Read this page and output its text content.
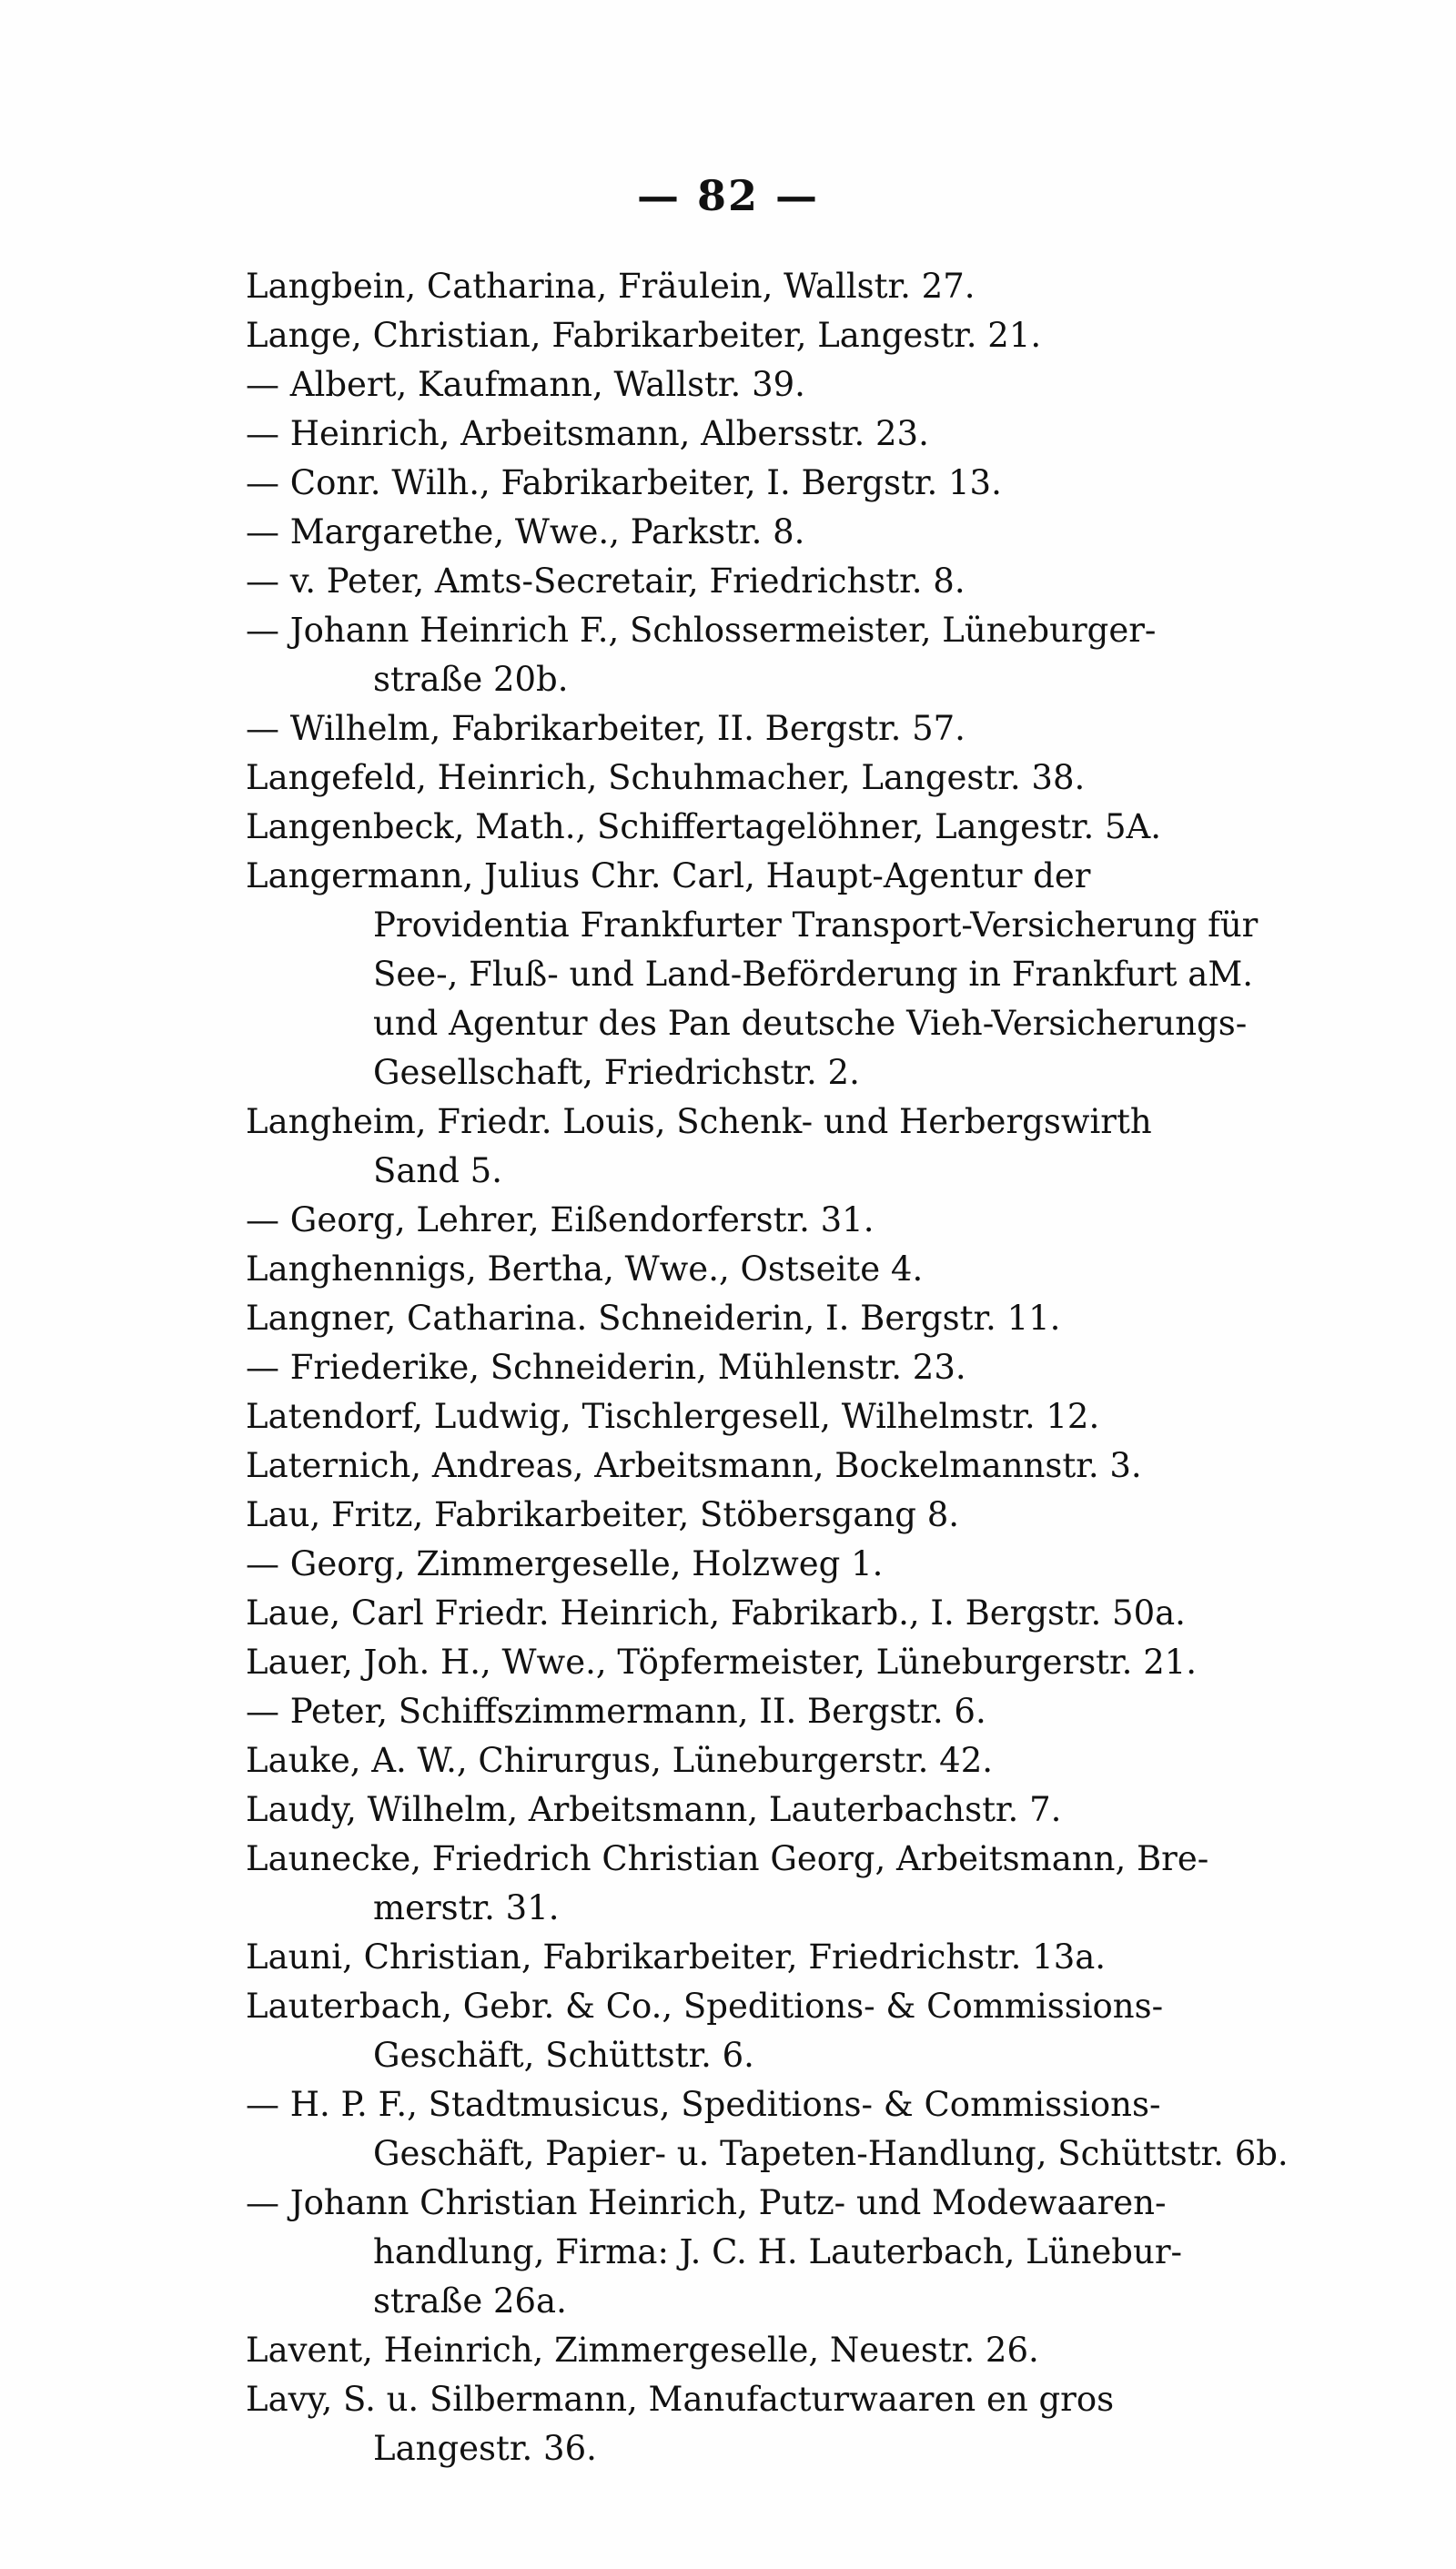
— 82 —
Langbein, Catharina, Fräulein, Wallstr. 27.
Lange, Christian, Fabrikarbeiter, Langestr. 21.
— Albert, Kaufmann, Wallstr. 39.
— Heinrich, Arbeitsmann, Albersstr. 23.
— Conr. Wilh., Fabrikarbeiter, I. Bergstr. 13.
— Margarethe, Wwe., Parkstr. 8.
— v. Peter, Amts-Secretair, Friedrichstr. 8.
— Johann Heinrich F., Schlossermeister, Lüneburger-
straße 20b.
— Wilhelm, Fabrikarbeiter, II. Bergstr. 57.
Langefeld, Heinrich, Schuhmacher, Langestr. 38.
Langenbeck, Math., Schiffertagelöhner, Langestr. 5A.
Langermann, Julius Chr. Carl, Haupt-Agentur der
Providentia Frankfurter Transport-Versicherung für
See-, Fluß- und Land-Beförderung in Frankfurt aM.
und Agentur des Pan deutsche Vieh-Versicherungs-
Gesellschaft, Friedrichstr. 2.
Langheim, Friedr. Louis, Schenk- und Herbergswirth
Sand 5.
— Georg, Lehrer, Eißendorferstr. 31.
Langhennigs, Bertha, Wwe., Ostseite 4.
Langner, Catharina. Schneiderin, I. Bergstr. 11.
— Friederike, Schneiderin, Mühlenstr. 23.
Latendorf, Ludwig, Tischlergesell, Wilhelmstr. 12.
Laternich, Andreas, Arbeitsmann, Bockelmannstr. 3.
Lau, Fritz, Fabrikarbeiter, Stöbersgang 8.
— Georg, Zimmergeselle, Holzweg 1.
Laue, Carl Friedr. Heinrich, Fabrikarb., I. Bergstr. 50a.
Lauer, Joh. H., Wwe., Töpfermeister, Lüneburgerstr. 21.
— Peter, Schiffszimmermann, II. Bergstr. 6.
Lauke, A. W., Chirurgus, Lüneburgerstr. 42.
Laudy, Wilhelm, Arbeitsmann, Lauterbachstr. 7.
Launecke, Friedrich Christian Georg, Arbeitsmann, Bre-
merstr. 31.
Launi, Christian, Fabrikarbeiter, Friedrichstr. 13a.
Lauterbach, Gebr. & Co., Speditions- & Commissions-
Geschäft, Schüttstr. 6.
— H. P. F., Stadtmusicus, Speditions- & Commissions-
Geschäft, Papier- u. Tapeten-Handlung, Schüttstr. 6b.
— Johann Christian Heinrich, Putz- und Modewaaren-
handlung, Firma: J. C. H. Lauterbach, Lünebur-
straße 26a.
Lavent, Heinrich, Zimmergeselle, Neuestr. 26.
Lavy, S. u. Silbermann, Manufacturwaaren en gros
Langestr. 36.
